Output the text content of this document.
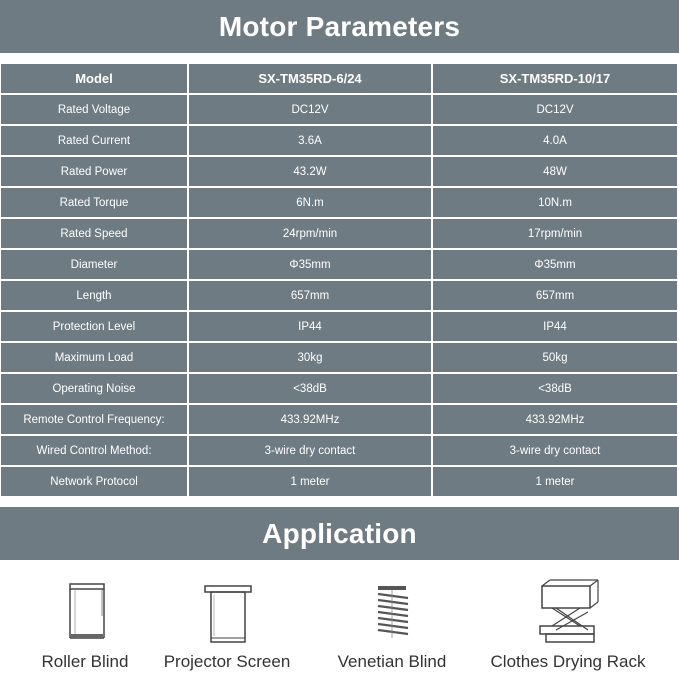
Motor Parameters
Model	SX-TM35RD-6/24	SX-TM35RD-10/17
Rated Voltage	DC12V	DC12V
Rated Current	3.6A	4.0A
Rated Power	43.2W	48W
Rated Torque	6N.m	10N.m
Rated Speed	24rpm/min	17rpm/min
Diameter	Φ35mm	Φ35mm
Length	657mm	657mm
Protection Level	IP44	IP44
Maximum Load	30kg	50kg
Operating Noise	<38dB	<38dB
Remote Control Frequency:	433.92MHz	433.92MHz
Wired Control Method:	3-wire dry contact	3-wire dry contact
Network Protocol	1 meter	1 meter
Application
Roller Blind	Projector Screen	Venetian Blind	Clothes Drying Rack
